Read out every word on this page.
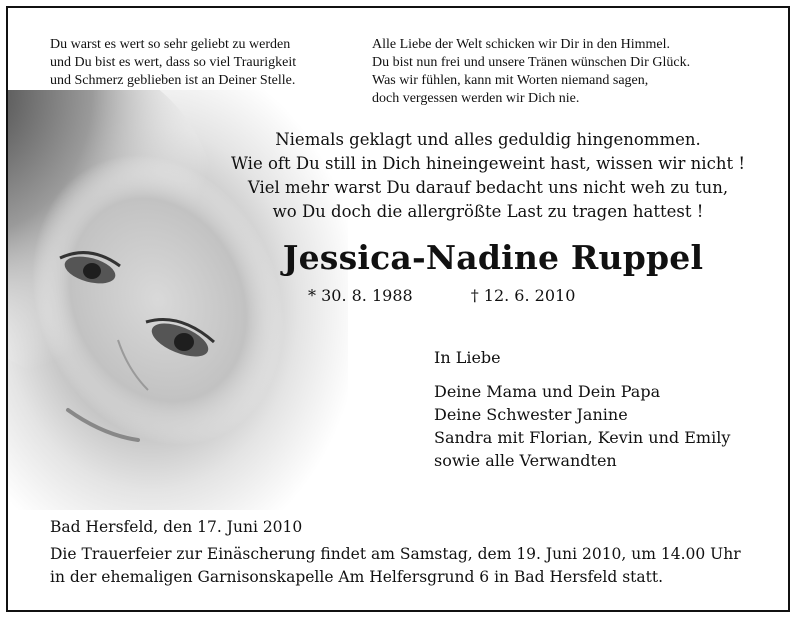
Du warst es wert so sehr geliebt zu werden
und Du bist es wert, dass so viel Traurigkeit
und Schmerz geblieben ist an Deiner Stelle.
Alle Liebe der Welt schicken wir Dir in den Himmel.
Du bist nun frei und unsere Tränen wünschen Dir Glück.
Was wir fühlen, kann mit Worten niemand sagen,
doch vergessen werden wir Dich nie.
Niemals geklagt und alles geduldig hingenommen.
Wie oft Du still in Dich hineingeweint hast, wissen wir nicht !
Viel mehr warst Du darauf bedacht uns nicht weh zu tun,
wo Du doch die allergrößte Last zu tragen hattest !
Jessica-Nadine Ruppel
* 30. 8. 1988	† 12. 6. 2010
In Liebe
Deine Mama und Dein Papa
Deine Schwester Janine
Sandra mit Florian, Kevin und Emily
sowie alle Verwandten
Bad Hersfeld, den 17. Juni 2010
Die Trauerfeier zur Einäscherung findet am Samstag, dem 19. Juni 2010, um 14.00 Uhr
in der ehemaligen Garnisonskapelle Am Helfersgrund 6 in Bad Hersfeld statt.
